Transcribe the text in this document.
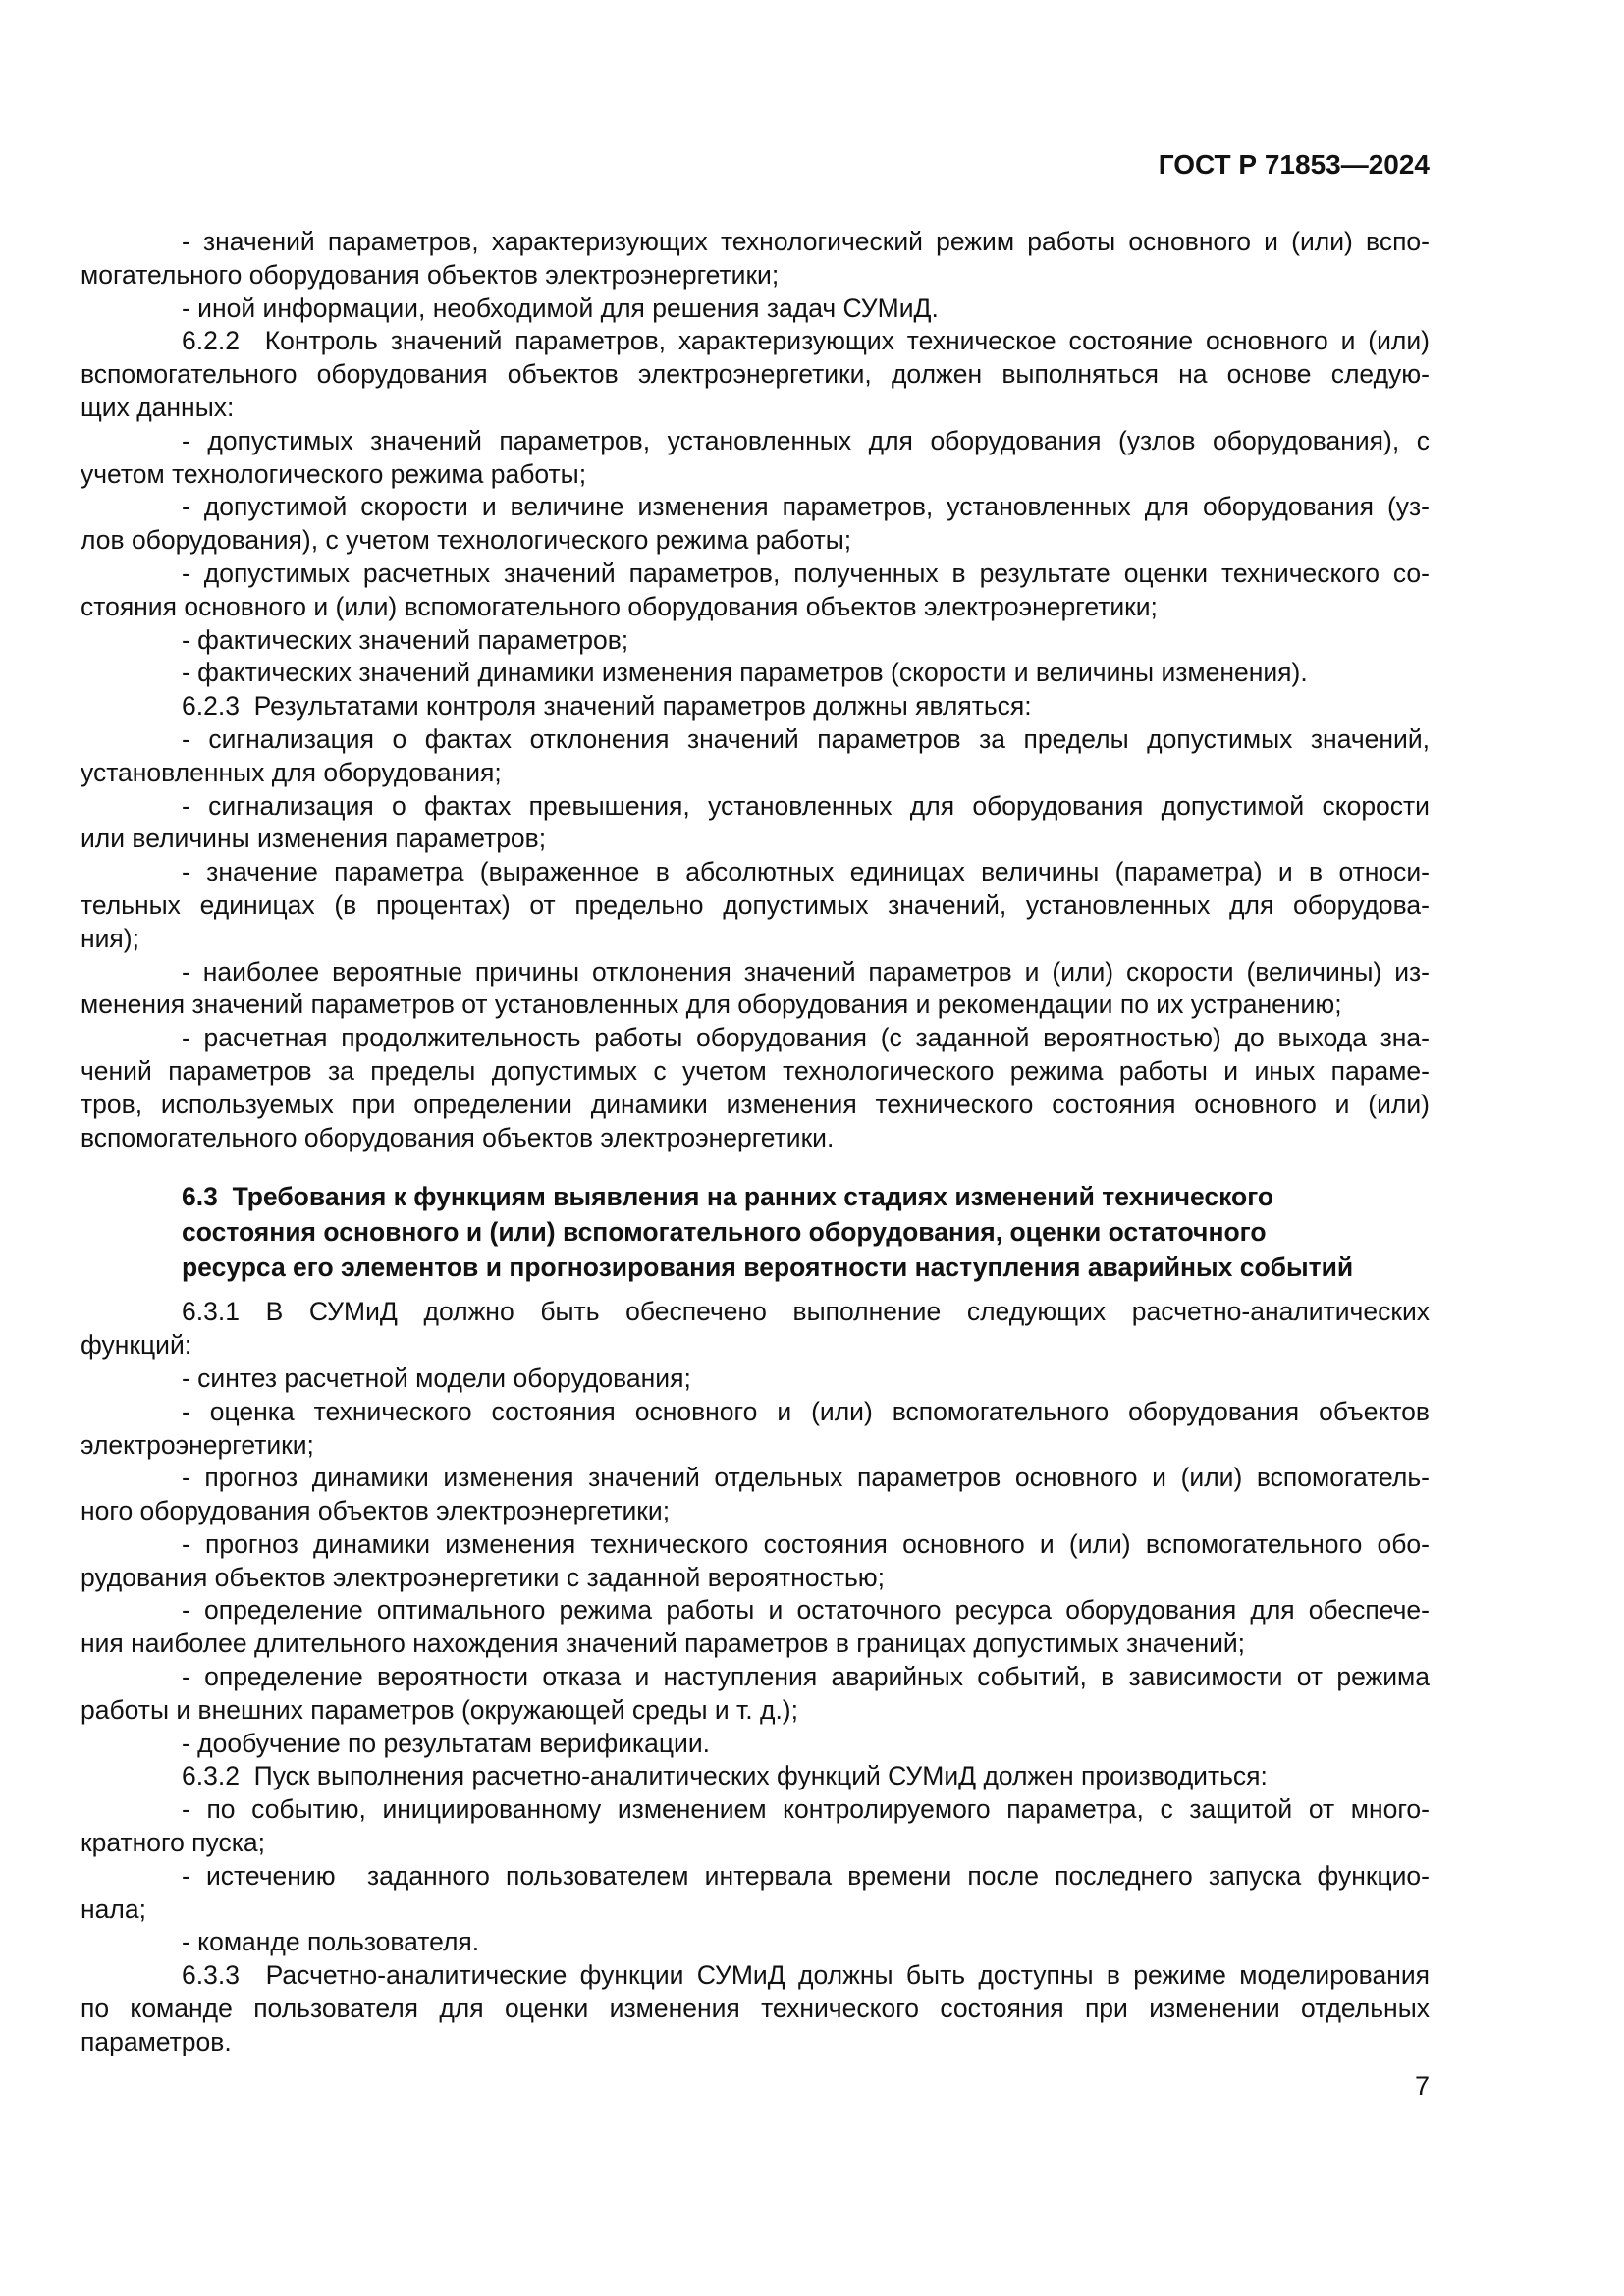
ГОСТ Р 71853—2024
- значений параметров, характеризующих технологический режим работы основного и (или) вспо-
могательного оборудования объектов электроэнергетики;
- иной информации, необходимой для решения задач СУМиД.
6.2.2  Контроль значений параметров, характеризующих техническое состояние основного и (или)
вспомогательного оборудования объектов электроэнергетики, должен выполняться на основе следую-
щих данных:
- допустимых значений параметров, установленных для оборудования (узлов оборудования), с
учетом технологического режима работы;
- допустимой скорости и величине изменения параметров, установленных для оборудования (уз-
лов оборудования), с учетом технологического режима работы;
- допустимых расчетных значений параметров, полученных в результате оценки технического со-
стояния основного и (или) вспомогательного оборудования объектов электроэнергетики;
- фактических значений параметров;
- фактических значений динамики изменения параметров (скорости и величины изменения).
6.2.3  Результатами контроля значений параметров должны являться:
- сигнализация о фактах отклонения значений параметров за пределы допустимых значений,
установленных для оборудования;
- сигнализация о фактах превышения, установленных для оборудования допустимой скорости
или величины изменения параметров;
- значение параметра (выраженное в абсолютных единицах величины (параметра) и в относи-
тельных единицах (в процентах) от предельно допустимых значений, установленных для оборудова-
ния);
- наиболее вероятные причины отклонения значений параметров и (или) скорости (величины) из-
менения значений параметров от установленных для оборудования и рекомендации по их устранению;
- расчетная продолжительность работы оборудования (с заданной вероятностью) до выхода зна-
чений параметров за пределы допустимых с учетом технологического режима работы и иных параме-
тров, используемых при определении динамики изменения технического состояния основного и (или)
вспомогательного оборудования объектов электроэнергетики.
6.3  Требования к функциям выявления на ранних стадиях изменений технического
состояния основного и (или) вспомогательного оборудования, оценки остаточного
ресурса его элементов и прогнозирования вероятности наступления аварийных событий
6.3.1 В СУМиД должно быть обеспечено выполнение следующих расчетно-аналитических
функций:
- синтез расчетной модели оборудования;
- оценка технического состояния основного и (или) вспомогательного оборудования объектов
электроэнергетики;
- прогноз динамики изменения значений отдельных параметров основного и (или) вспомогатель-
ного оборудования объектов электроэнергетики;
- прогноз динамики изменения технического состояния основного и (или) вспомогательного обо-
рудования объектов электроэнергетики с заданной вероятностью;
- определение оптимального режима работы и остаточного ресурса оборудования для обеспече-
ния наиболее длительного нахождения значений параметров в границах допустимых значений;
- определение вероятности отказа и наступления аварийных событий, в зависимости от режима
работы и внешних параметров (окружающей среды и т. д.);
- дообучение по результатам верификации.
6.3.2  Пуск выполнения расчетно-аналитических функций СУМиД должен производиться:
- по событию, инициированному изменением контролируемого параметра, с защитой от много-
кратного пуска;
- истечению  заданного пользователем интервала времени после последнего запуска функцио-
нала;
- команде пользователя.
6.3.3  Расчетно-аналитические функции СУМиД должны быть доступны в режиме моделирования
по команде пользователя для оценки изменения технического состояния при изменении отдельных
параметров.
7
